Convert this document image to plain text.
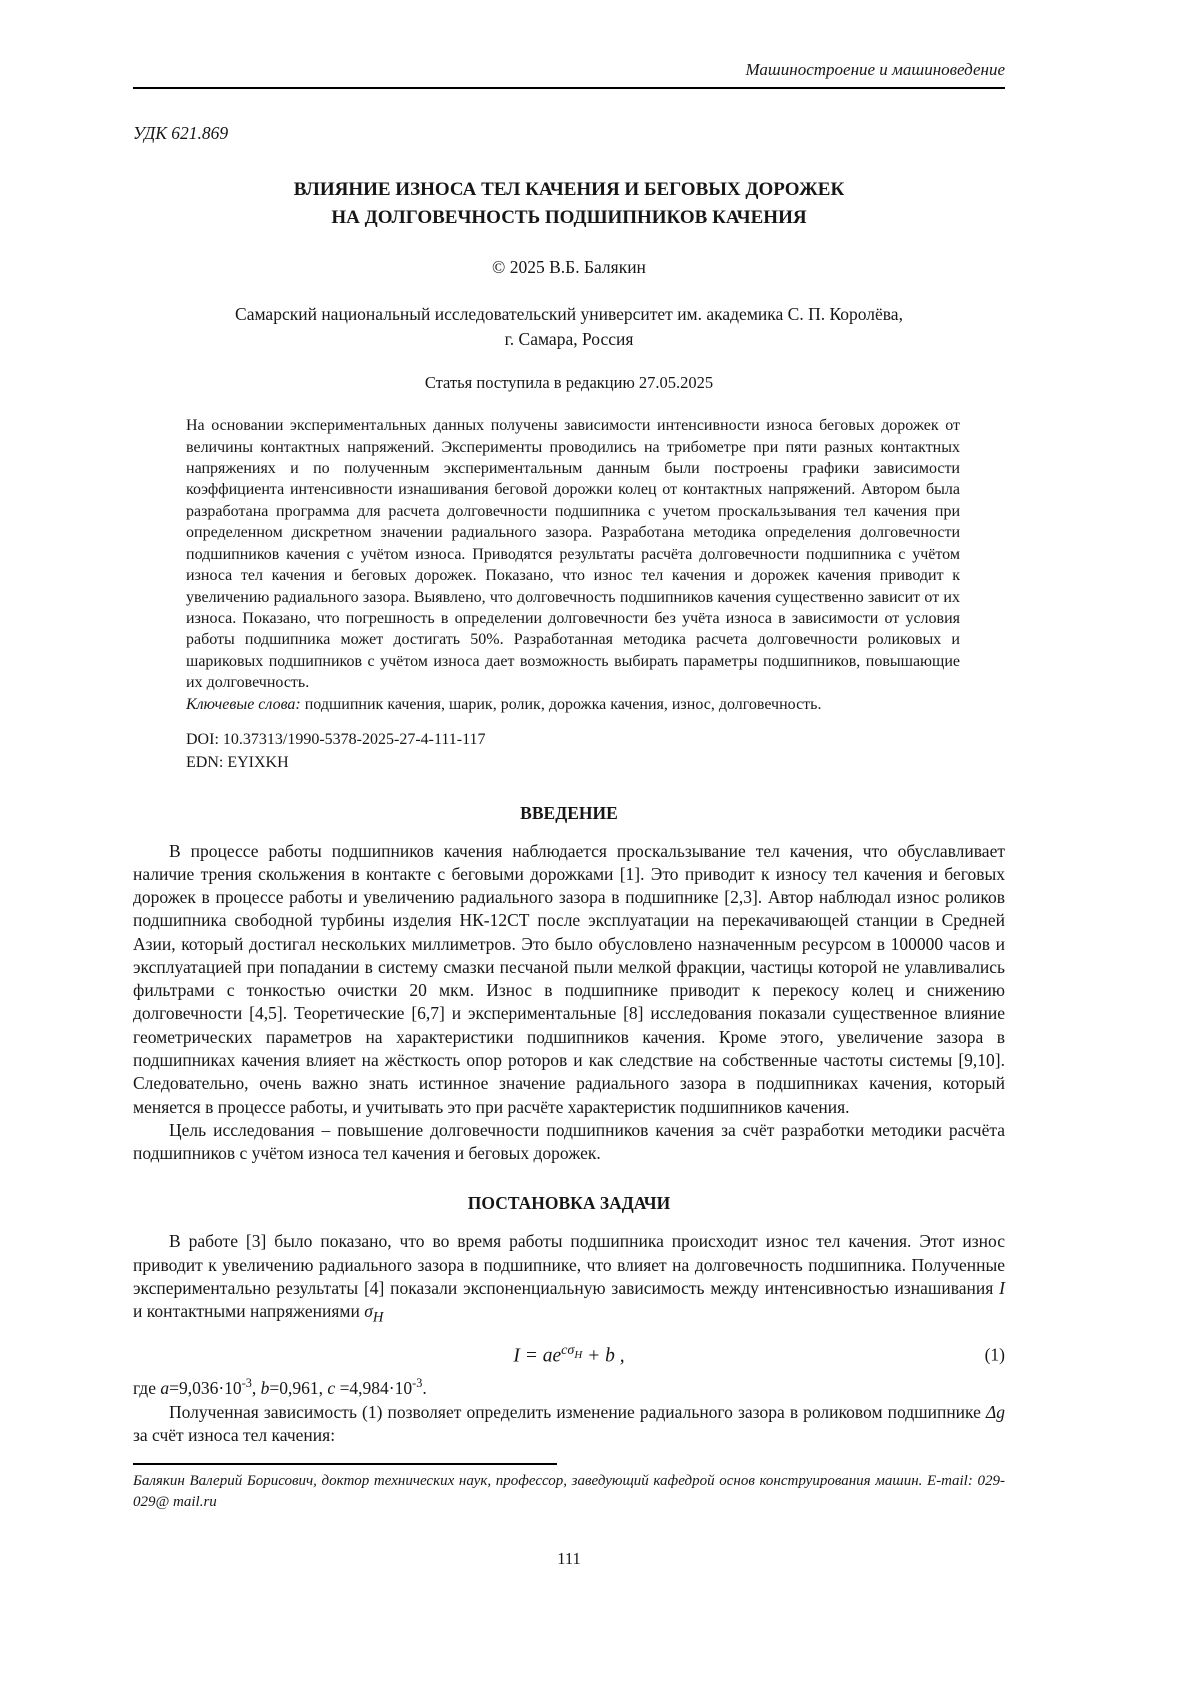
Машиностроение и машиноведение
УДК 621.869
ВЛИЯНИЕ ИЗНОСА ТЕЛ КАЧЕНИЯ И БЕГОВЫХ ДОРОЖЕК
НА ДОЛГОВЕЧНОСТЬ ПОДШИПНИКОВ КАЧЕНИЯ
© 2025 В.Б. Балякин
Самарский национальный исследовательский университет им. академика С. П. Королёва,
г. Самара, Россия
Статья поступила в редакцию 27.05.2025
На основании экспериментальных данных получены зависимости интенсивности износа беговых дорожек от величины контактных напряжений. Эксперименты проводились на трибометре при пяти разных контактных напряжениях и по полученным экспериментальным данным были построены графики зависимости коэффициента интенсивности изнашивания беговой дорожки колец от контактных напряжений. Автором была разработана программа для расчета долговечности подшипника с учетом проскальзывания тел качения при определенном дискретном значении радиального зазора. Разработана методика определения долговечности подшипников качения с учётом износа. Приводятся результаты расчёта долговечности подшипника с учётом износа тел качения и беговых дорожек. Показано, что износ тел качения и дорожек качения приводит к увеличению радиального зазора. Выявлено, что долговечность подшипников качения существенно зависит от их износа. Показано, что погрешность в определении долговечности без учёта износа в зависимости от условия работы подшипника может достигать 50%. Разработанная методика расчета долговечности роликовых и шариковых подшипников с учётом износа дает возможность выбирать параметры подшипников, повышающие их долговечность.
Ключевые слова: подшипник качения, шарик, ролик, дорожка качения, износ, долговечность.
DOI: 10.37313/1990-5378-2025-27-4-111-117
EDN: EYIXKH
ВВЕДЕНИЕ

В процессе работы подшипников качения наблюдается проскальзывание тел качения, что обуславливает наличие трения скольжения в контакте с беговыми дорожками [1]. Это приводит к износу тел качения и беговых дорожек в процессе работы и увеличению радиального зазора в подшипнике [2,3]. Автор наблюдал износ роликов подшипника свободной турбины изделия НК-12СТ после эксплуатации на перекачивающей станции в Средней Азии, который достигал нескольких миллиметров. Это было обусловлено назначенным ресурсом в 100000 часов и эксплуатацией при попадании в систему смазки песчаной пыли мелкой фракции, частицы которой не улавливались фильтрами с тонкостью очистки 20 мкм. Износ в подшипнике приводит к перекосу колец и снижению долговечности [4,5]. Теоретические [6,7] и экспериментальные [8] исследования показали существенное влияние геометрических параметров на характеристики подшипников качения. Кроме этого, увеличение зазора в подшипниках качения влияет на жёсткость опор роторов и как следствие на собственные частоты системы [9,10]. Следовательно, очень важно знать истинное значение радиального зазора в подшипниках качения, который меняется в процессе работы, и учитывать это при расчёте характеристик подшипников качения.

Цель исследования – повышение долговечности подшипников качения за счёт разработки методики расчёта подшипников с учётом износа тел качения и беговых дорожек.

ПОСТАНОВКА ЗАДАЧИ

В работе [3] было показано, что во время работы подшипника происходит износ тел качения. Этот износ приводит к увеличению радиального зазора в подшипнике, что влияет на долговечность подшипника. Полученные экспериментально результаты [4] показали экспоненциальную зависимость между интенсивностью изнашивания I и контактными напряжениями $\sigma_H$

$I = ae^{c\sigma_H} + b$ ,	(1)

где $a=9,036\cdot 10^{-3}$, b=0,961, $с =4,984\cdot 10^{-3}$.

Полученная зависимость (1) позволяет определить изменение радиального зазора в роликовом подшипнике Δg за счёт износа тел качения:

Балякин Валерий Борисович, доктор технических наук, профессор, заведующий кафедрой основ конструирования машин. E-mail: 029-029@ mail.ru
111
